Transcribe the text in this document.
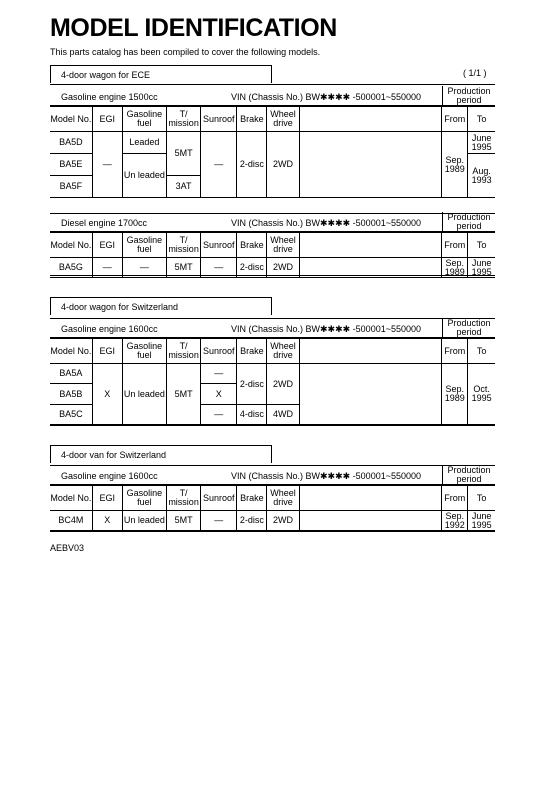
MODEL IDENTIFICATION
This parts catalog has been compiled to cover the following models.
( 1/1 )
4-door wagon for ECE
Gasoline engine 1500cc	VIN (Chassis No.) BW✱✱✱✱ -500001~550000
Production period
Model No.	EGI	Gasoline fuel	T/ mission	Sunroof	Brake	Wheel drive		From	To
BA5D	—	Leaded	5MT	—	2-disc	2WD		Sep. 1989	June 1995
BA5E		Un leaded							Aug. 1993
BA5F			3AT						
Diesel engine 1700cc	VIN (Chassis No.) BW✱✱✱✱ -500001~550000
Production period
Model No.	EGI	Gasoline fuel	T/ mission	Sunroof	Brake	Wheel drive		From	To
BA5G	—	—	5MT	—	2-disc	2WD		Sep. 1989	June 1995
4-door wagon for Switzerland
Gasoline engine 1600cc	VIN (Chassis No.) BW✱✱✱✱ -500001~550000
Production period
Model No.	EGI	Gasoline fuel	T/ mission	Sunroof	Brake	Wheel drive		From	To
BA5A	X	Un leaded	5MT	—	2-disc	2WD		Sep. 1989	Oct. 1995
BA5B				X					
BA5C				—	4-disc	4WD			
4-door van for Switzerland
Gasoline engine 1600cc	VIN (Chassis No.) BW✱✱✱✱ -500001~550000
Production period
Model No.	EGI	Gasoline fuel	T/ mission	Sunroof	Brake	Wheel drive		From	To
BC4M	X	Un leaded	5MT	—	2-disc	2WD		Sep. 1992	June 1995
AEBV03
